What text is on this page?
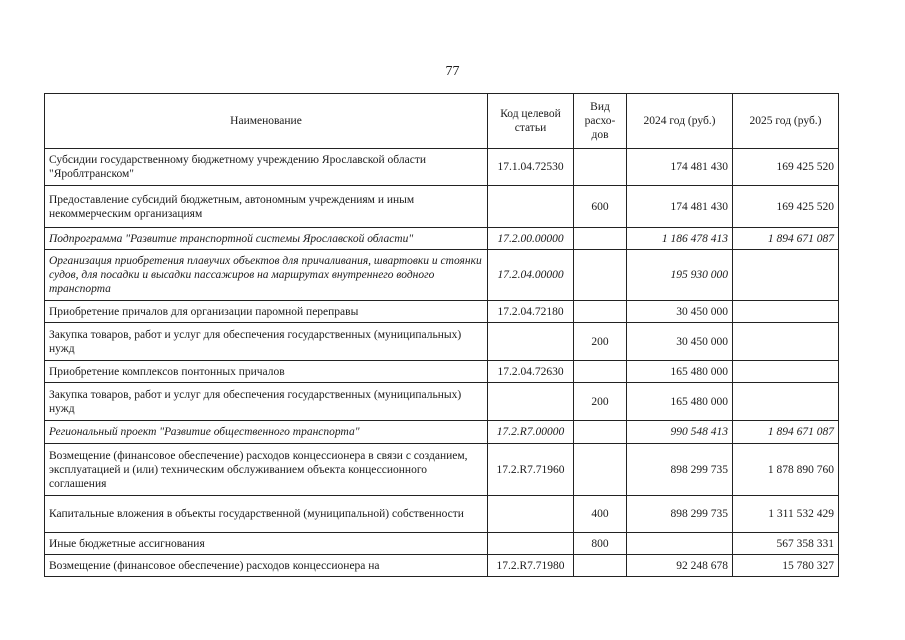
77
Наименование	Код целевой статьи	Вид расхо-дов	2024 год (руб.)	2025 год (руб.)
Субсидии государственному бюджетному учреждению Ярославской области "Яроблтранском"	17.1.04.72530		174 481 430	169 425 520
Предоставление субсидий бюджетным, автономным учреждениям и иным некоммерческим организациям		600	174 481 430	169 425 520
Подпрограмма "Развитие транспортной системы Ярославской области"	17.2.00.00000		1 186 478 413	1 894 671 087
Организация приобретения плавучих объектов для причаливания, швартовки и стоянки судов, для посадки и высадки пассажиров на маршрутах внутреннего водного транспорта	17.2.04.00000		195 930 000	
Приобретение причалов для организации паромной переправы	17.2.04.72180		30 450 000	
Закупка товаров, работ и услуг для обеспечения государственных (муниципальных) нужд		200	30 450 000	
Приобретение комплексов понтонных причалов	17.2.04.72630		165 480 000	
Закупка товаров, работ и услуг для обеспечения государственных (муниципальных) нужд		200	165 480 000	
Региональный проект "Развитие общественного транспорта"	17.2.R7.00000		990 548 413	1 894 671 087
Возмещение (финансовое обеспечение) расходов концессионера в связи с созданием, эксплуатацией и (или) техническим обслуживанием объекта концессионного соглашения	17.2.R7.71960		898 299 735	1 878 890 760
Капитальные вложения в объекты государственной (муниципальной) собственности		400	898 299 735	1 311 532 429
Иные бюджетные ассигнования		800		567 358 331
Возмещение (финансовое обеспечение) расходов концессионера на	17.2.R7.71980		92 248 678	15 780 327
